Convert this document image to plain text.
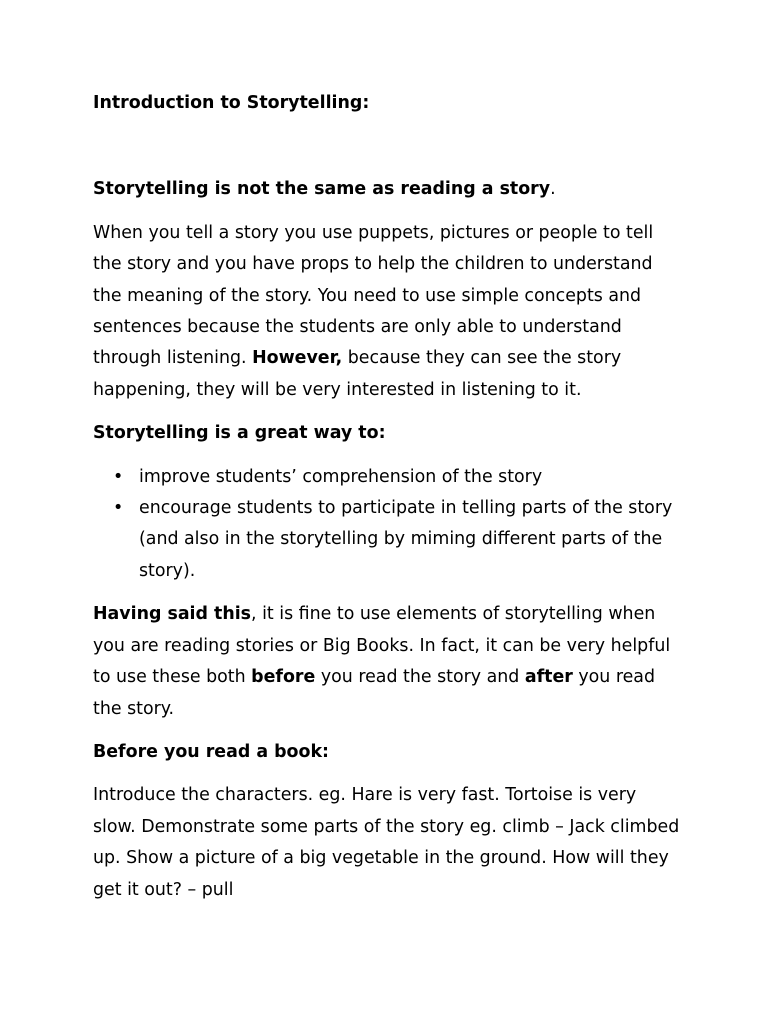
Introduction to Storytelling:

Storytelling is not the same as reading a story.

When you tell a story you use puppets, pictures or people to tell the story and you have props to help the children to understand the meaning of the story. You need to use simple concepts and sentences because the students are only able to understand through listening. However, because they can see the story happening, they will be very interested in listening to it.

Storytelling is a great way to:

• improve students’ comprehension of the story
• encourage students to participate in telling parts of the story (and also in the storytelling by miming different parts of the story).

Having said this, it is fine to use elements of storytelling when you are reading stories or Big Books. In fact, it can be very helpful to use these both before you read the story and after you read the story.

Before you read a book:

Introduce the characters. eg. Hare is very fast. Tortoise is very slow. Demonstrate some parts of the story eg. climb – Jack climbed up. Show a picture of a big vegetable in the ground. How will they get it out? – pull
